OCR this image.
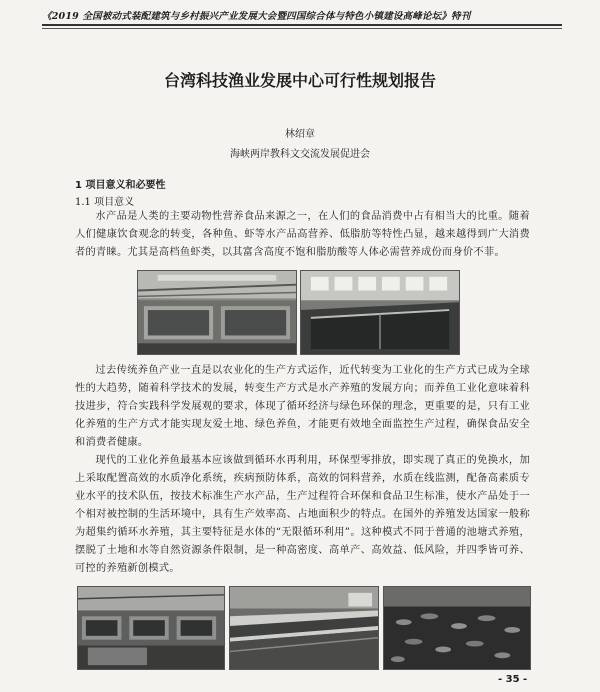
《2019 全国被动式装配建筑与乡村振兴产业发展大会暨四国综合体与特色小镇建设高峰论坛》特刊
台湾科技渔业发展中心可行性规划报告
林绍章
海峡两岸教科文交流发展促进会
1 项目意义和必要性
1.1 项目意义

水产品是人类的主要动物性营养食品来源之一，在人们的食品消费中占有相当大的比重。随着人们健康饮食观念的转变，各种鱼、虾等水产品高营养、低脂肪等特性凸显，越来越得到广大消费者的青睐。尤其是高档鱼虾类，以其富含高度不饱和脂肪酸等人体必需营养成份而身价不菲。

过去传统养鱼产业一直是以农业化的生产方式运作，近代转变为工业化的生产方式已成为全球性的大趋势，随着科学技术的发展，转变生产方式是水产养殖的发展方向；而养鱼工业化意味着科技进步，符合实践科学发展观的要求，体现了循环经济与绿色环保的理念，更重要的是，只有工业化养殖的生产方式才能实现友爱土地、绿色养鱼，才能更有效地全面监控生产过程，确保食品安全和消费者健康。

现代的工业化养鱼最基本应该做到循环水再利用，环保型零排放，即实现了真正的免换水，加上采取配置高效的水质净化系统，疾病预防体系，高效的饲料营养，水质在线监测，配备高素质专业水平的技术队伍，按技术标准生产水产品，生产过程符合环保和食品卫生标准，使水产品处于一个相对被控制的生活环境中，具有生产效率高、占地面积少的特点。在国外的养殖发达国家一般称为超集约循环水养殖，其主要特征是水体的“无限循环利用”。这种模式不同于普通的池塘式养殖，摆脱了土地和水等自然资源条件限制，是一种高密度、高单产、高效益、低风险，并四季皆可养、可控的养殖新创模式。

- 35 -
